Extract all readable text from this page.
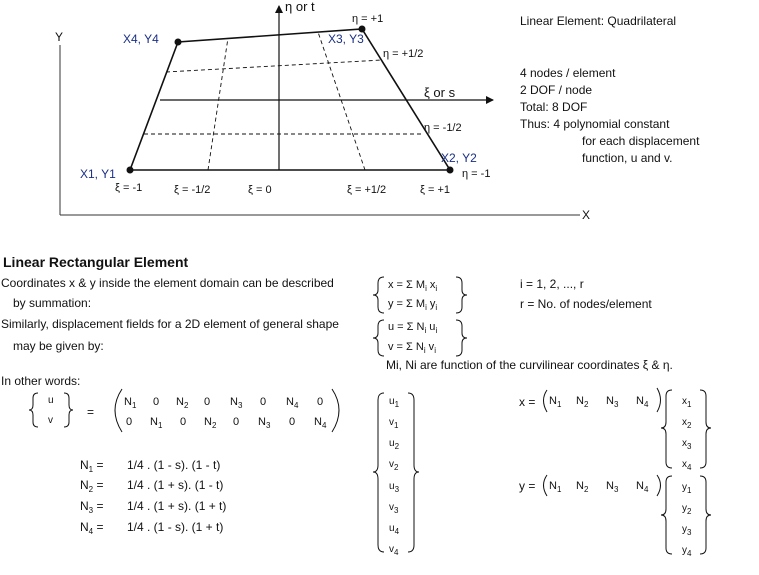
Y
X
η or t
ξ or s
X1, Y1
X2, Y2
X3, Y3
X4, Y4
η = +1
η = +1/2
η = -1/2
η = -1
ξ = -1	ξ = -1/2	ξ = 0	ξ = +1/2	ξ = +1
Linear Element: Quadrilateral
4 nodes / element
2 DOF / node
Total: 8 DOF
Thus: 4 polynomial constant
for each displacement
function, u and v.
Linear Rectangular Element
Coordinates x & y inside the element domain can be described
by summation:
Similarly, displacement fields for a 2D element of general shape
may be given by:
In other words:
x = Σ $M_i$ $x_i$
y = Σ $M_i$ $y_i$
u = Σ $N_i$ $u_i$
v = Σ $N_i$ $v_i$
i = 1, 2, ..., r
r = No. of nodes/element
Mi, Ni are function of the curvilinear coordinates ξ & η.
u
v
=
$N_1$ 0 $N_2$ 0 $N_3$ 0 $N_4$ 0
0 $N_1$ 0 $N_2$ 0 $N_3$ 0 $N_4$
$u_1$
$v_1$
$u_2$
$v_2$
$u_3$
$v_3$
$u_4$
$v_4$
$N_1 = 1/4$ . (1 - s). (1 - t)
$N_2 = 1/4$ . (1 + s). (1 - t)
$N_3 = 1/4$ . (1 + s). (1 + t)
$N_4 = 1/4$ . (1 - s). (1 + t)
$x = N_1$ $N_2$ $N_3$ $N_4$	$x_1$
$x_2$
$x_3$
$x_4$
$y = N_1$ $N_2$ $N_3$ $N_4$	$y_1$
$y_2$
$y_3$
$y_4$
